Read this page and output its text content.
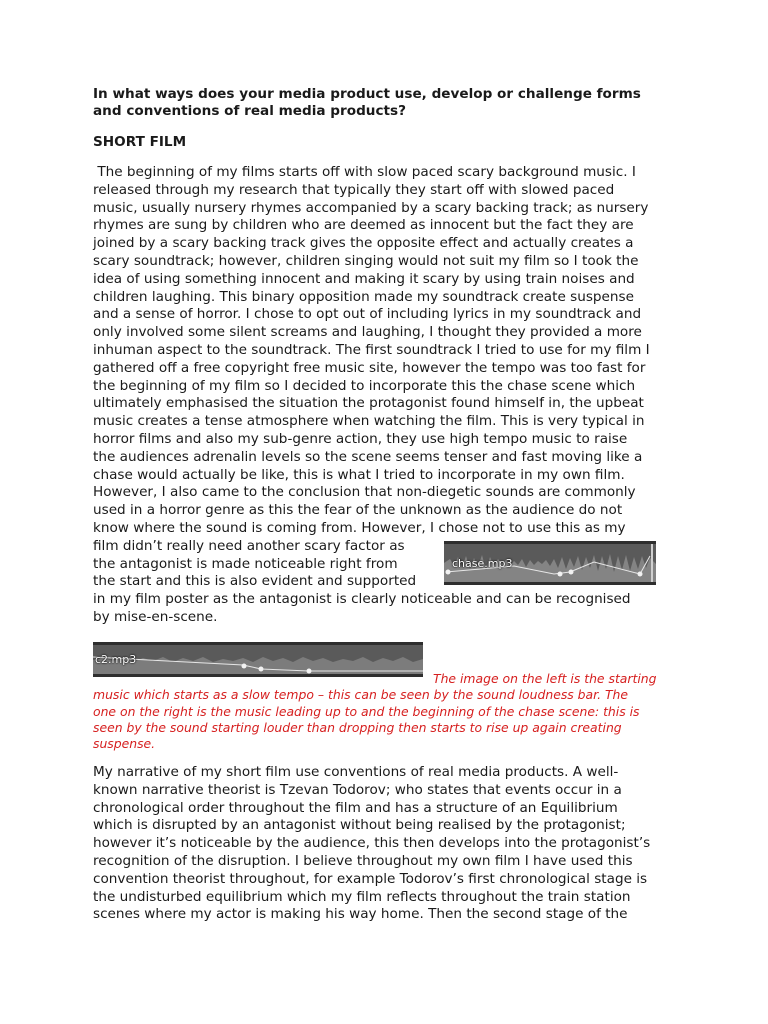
In what ways does your media product use, develop or challenge forms
and conventions of real media products?
SHORT FILM
The beginning of my films starts off with slow paced scary background music. I
released through my research that typically they start off with slowed paced
music, usually nursery rhymes accompanied by a scary backing track; as nursery
rhymes are sung by children who are deemed as innocent but the fact they are
joined by a scary backing track gives the opposite effect and actually creates a
scary soundtrack; however, children singing would not suit my film so I took the
idea of using something innocent and making it scary by using train noises and
children laughing. This binary opposition made my soundtrack create suspense
and a sense of horror. I chose to opt out of including lyrics in my soundtrack and
only involved some silent screams and laughing, I thought they provided a more
inhuman aspect to the soundtrack. The first soundtrack I tried to use for my film I
gathered off a free copyright free music site, however the tempo was too fast for
the beginning of my film so I decided to incorporate this the chase scene which
ultimately emphasised the situation the protagonist found himself in, the upbeat
music creates a tense atmosphere when watching the film. This is very typical in
horror films and also my sub-genre action, they use high tempo music to raise
the audiences adrenalin levels so the scene seems tenser and fast moving like a
chase would actually be like, this is what I tried to incorporate in my own film.
However, I also came to the conclusion that non-diegetic sounds are commonly
used in a horror genre as this the fear of the unknown as the audience do not
know where the sound is coming from. However, I chose not to use this as my
film didn’t really need another scary factor as
the antagonist is made noticeable right from
the start and this is also evident and supported
in my film poster as the antagonist is clearly noticeable and can be recognised
by mise-en-scene.
chase.mp3
c2.mp3
The image on the left is the starting
music which starts as a slow tempo – this can be seen by the sound loudness bar. The
one on the right is the music leading up to and the beginning of the chase scene: this is
seen by the sound starting louder than dropping then starts to rise up again creating
suspense.
My narrative of my short film use conventions of real media products. A well-
known narrative theorist is Tzevan Todorov; who states that events occur in a
chronological order throughout the film and has a structure of an Equilibrium
which is disrupted by an antagonist without being realised by the protagonist;
however it’s noticeable by the audience, this then develops into the protagonist’s
recognition of the disruption. I believe throughout my own film I have used this
convention theorist throughout, for example Todorov’s first chronological stage is
the undisturbed equilibrium which my film reflects throughout the train station
scenes where my actor is making his way home. Then the second stage of the
